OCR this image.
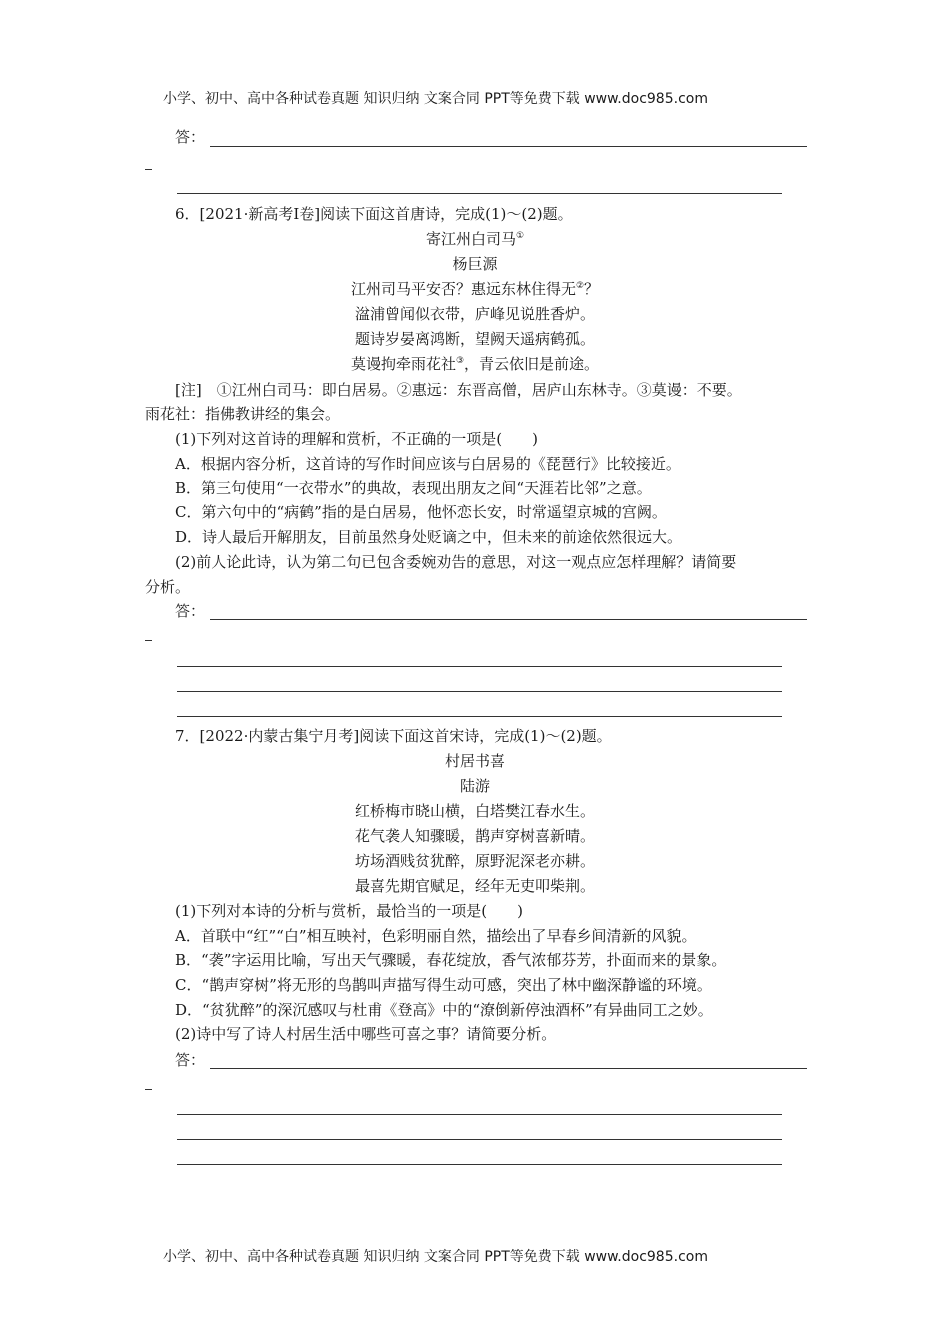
小学、初中、高中各种试卷真题 知识归纳 文案合同 PPT等免费下载 www.doc985.com
答：
6．[2021·新高考Ⅰ卷]阅读下面这首唐诗，完成(1)～(2)题。
寄江州白司马①
杨巨源
江州司马平安否？惠远东林住得无②？
湓浦曾闻似衣带，庐峰见说胜香炉。
题诗岁晏离鸿断，望阙天遥病鹤孤。
莫谩拘牵雨花社③，青云依旧是前途。
[注]　①江州白司马：即白居易。②惠远：东晋高僧，居庐山东林寺。③莫谩：不要。
雨花社：指佛教讲经的集会。
(1)下列对这首诗的理解和赏析，不正确的一项是(　　)
A．根据内容分析，这首诗的写作时间应该与白居易的《琵琶行》比较接近。
B．第三句使用“一衣带水”的典故，表现出朋友之间“天涯若比邻”之意。
C．第六句中的“病鹤”指的是白居易，他怀恋长安，时常遥望京城的宫阙。
D．诗人最后开解朋友，目前虽然身处贬谪之中，但未来的前途依然很远大。
(2)前人论此诗，认为第二句已包含委婉劝告的意思，对这一观点应怎样理解？请简要
分析。
答：
7．[2022·内蒙古集宁月考]阅读下面这首宋诗，完成(1)～(2)题。
村居书喜
陆游
红桥梅市晓山横，白塔樊江春水生。
花气袭人知骤暖，鹊声穿树喜新晴。
坊场酒贱贫犹醉，原野泥深老亦耕。
最喜先期官赋足，经年无吏叩柴荆。
(1)下列对本诗的分析与赏析，最恰当的一项是(　　)
A．首联中“红”“白”相互映衬，色彩明丽自然，描绘出了早春乡间清新的风貌。
B．“袭”字运用比喻，写出天气骤暖，春花绽放，香气浓郁芬芳，扑面而来的景象。
C．“鹊声穿树”将无形的鸟鹊叫声描写得生动可感，突出了林中幽深静谧的环境。
D．“贫犹醉”的深沉感叹与杜甫《登高》中的“潦倒新停浊酒杯”有异曲同工之妙。
(2)诗中写了诗人村居生活中哪些可喜之事？请简要分析。
答：
小学、初中、高中各种试卷真题 知识归纳 文案合同 PPT等免费下载 www.doc985.com
